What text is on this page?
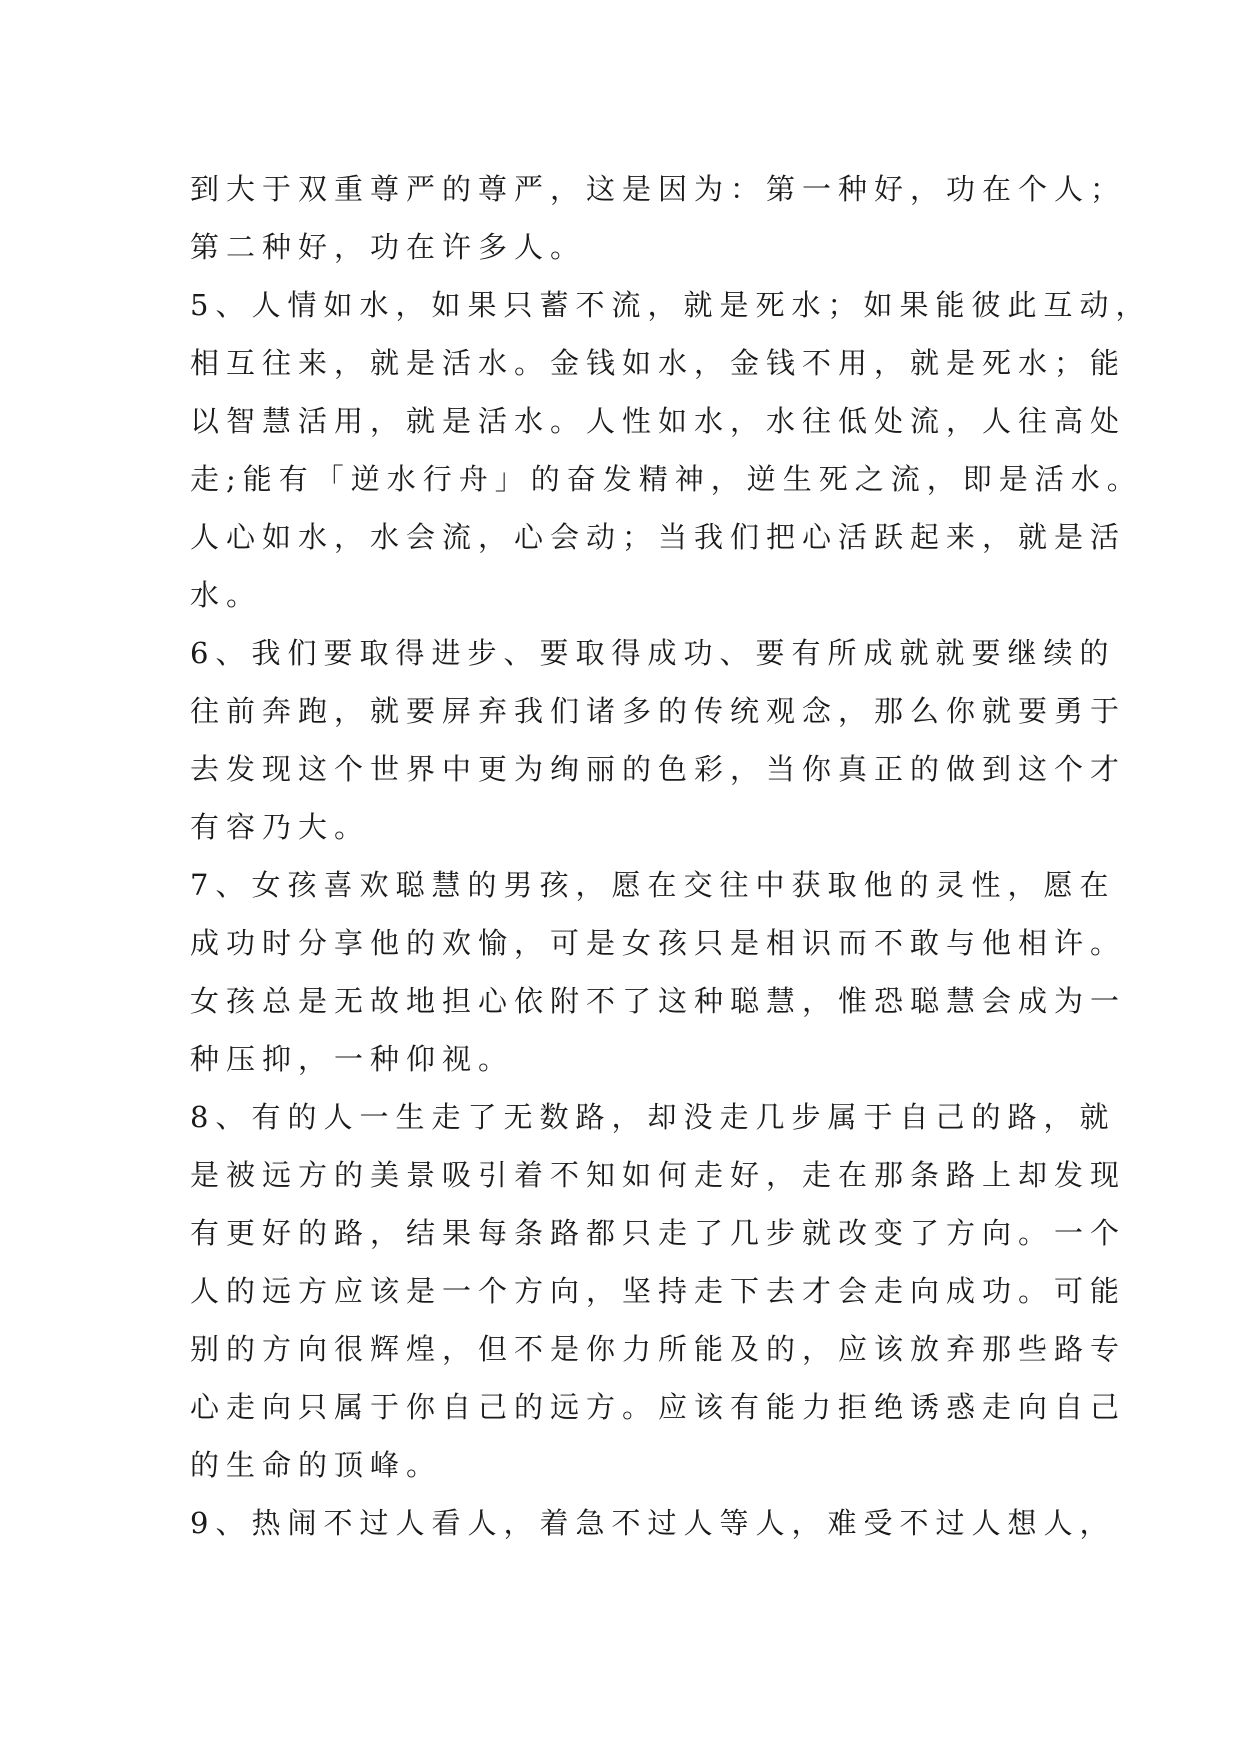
到大于双重尊严的尊严，这是因为：第一种好，功在个人；
第二种好，功在许多人。
5、人情如水，如果只蓄不流，就是死水；如果能彼此互动，
相互往来，就是活水。金钱如水，金钱不用，就是死水；能
以智慧活用，就是活水。人性如水，水往低处流，人往高处
走;能有「逆水行舟」的奋发精神，逆生死之流，即是活水。
人心如水，水会流，心会动；当我们把心活跃起来，就是活
水。
6、我们要取得进步、要取得成功、要有所成就就要继续的
往前奔跑，就要屏弃我们诸多的传统观念，那么你就要勇于
去发现这个世界中更为绚丽的色彩，当你真正的做到这个才
有容乃大。
7、女孩喜欢聪慧的男孩，愿在交往中获取他的灵性，愿在
成功时分享他的欢愉，可是女孩只是相识而不敢与他相许。
女孩总是无故地担心依附不了这种聪慧，惟恐聪慧会成为一
种压抑，一种仰视。
8、有的人一生走了无数路，却没走几步属于自己的路，就
是被远方的美景吸引着不知如何走好，走在那条路上却发现
有更好的路，结果每条路都只走了几步就改变了方向。一个
人的远方应该是一个方向，坚持走下去才会走向成功。可能
别的方向很辉煌，但不是你力所能及的，应该放弃那些路专
心走向只属于你自己的远方。应该有能力拒绝诱惑走向自己
的生命的顶峰。
9、热闹不过人看人，着急不过人等人，难受不过人想人，
